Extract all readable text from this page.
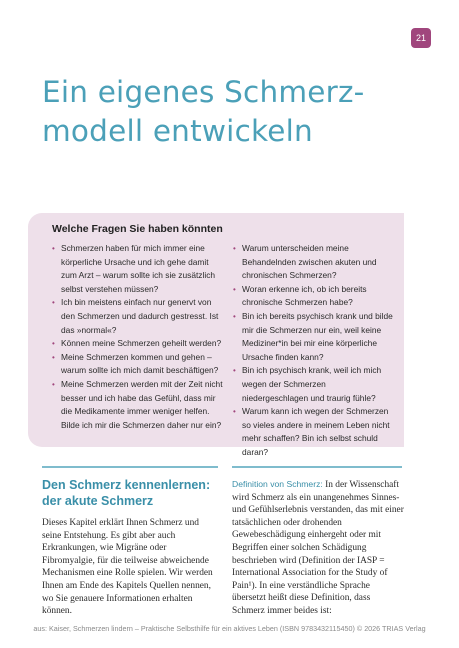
21
Ein eigenes Schmerz-
modell entwickeln
Welche Fragen Sie haben könnten
• Schmerzen haben für mich immer eine körperliche Ursache und ich gehe damit zum Arzt – warum sollte ich sie zusätzlich selbst verstehen müssen?
• Ich bin meistens einfach nur genervt von den Schmerzen und dadurch gestresst. Ist das »normal«?
• Können meine Schmerzen geheilt werden?
• Meine Schmerzen kommen und gehen – warum sollte ich mich damit beschäftigen?
• Meine Schmerzen werden mit der Zeit nicht besser und ich habe das Gefühl, dass mir die Medikamente immer weniger helfen. Bilde ich mir die Schmerzen daher nur ein?
• Warum unterscheiden meine Behandelnden zwischen akuten und chronischen Schmerzen?
• Woran erkenne ich, ob ich bereits chronische Schmerzen habe?
• Bin ich bereits psychisch krank und bilde mir die Schmerzen nur ein, weil keine Mediziner*in bei mir eine körperliche Ursache finden kann?
• Bin ich psychisch krank, weil ich mich wegen der Schmerzen niedergeschlagen und traurig fühle?
• Warum kann ich wegen der Schmerzen so vieles andere in meinem Leben nicht mehr schaffen? Bin ich selbst schuld daran?
Den Schmerz kennenlernen:
der akute Schmerz

Dieses Kapitel erklärt Ihnen Schmerz und seine Entstehung. Es gibt aber auch Erkrankungen, wie Migräne oder Fibromyalgie, für die teilweise abweichende Mechanismen eine Rolle spielen. Wir werden Ihnen am Ende des Kapitels Quellen nennen, wo Sie genauere Informationen erhalten können.

Definition von Schmerz: In der Wissenschaft wird Schmerz als ein unangenehmes Sinnes- und Gefühlserlebnis verstanden, das mit einer tatsächlichen oder drohenden Gewebeschädigung einhergeht oder mit Begriffen einer solchen Schädigung beschrieben wird (Definition der IASP = International Association for the Study of Pain¹). In eine verständliche Sprache übersetzt heißt diese Definition, dass Schmerz immer beides ist:

aus: Kaiser, Schmerzen lindern – Praktische Selbsthilfe für ein aktives Leben (ISBN 9783432115450) © 2026 TRIAS Verlag
